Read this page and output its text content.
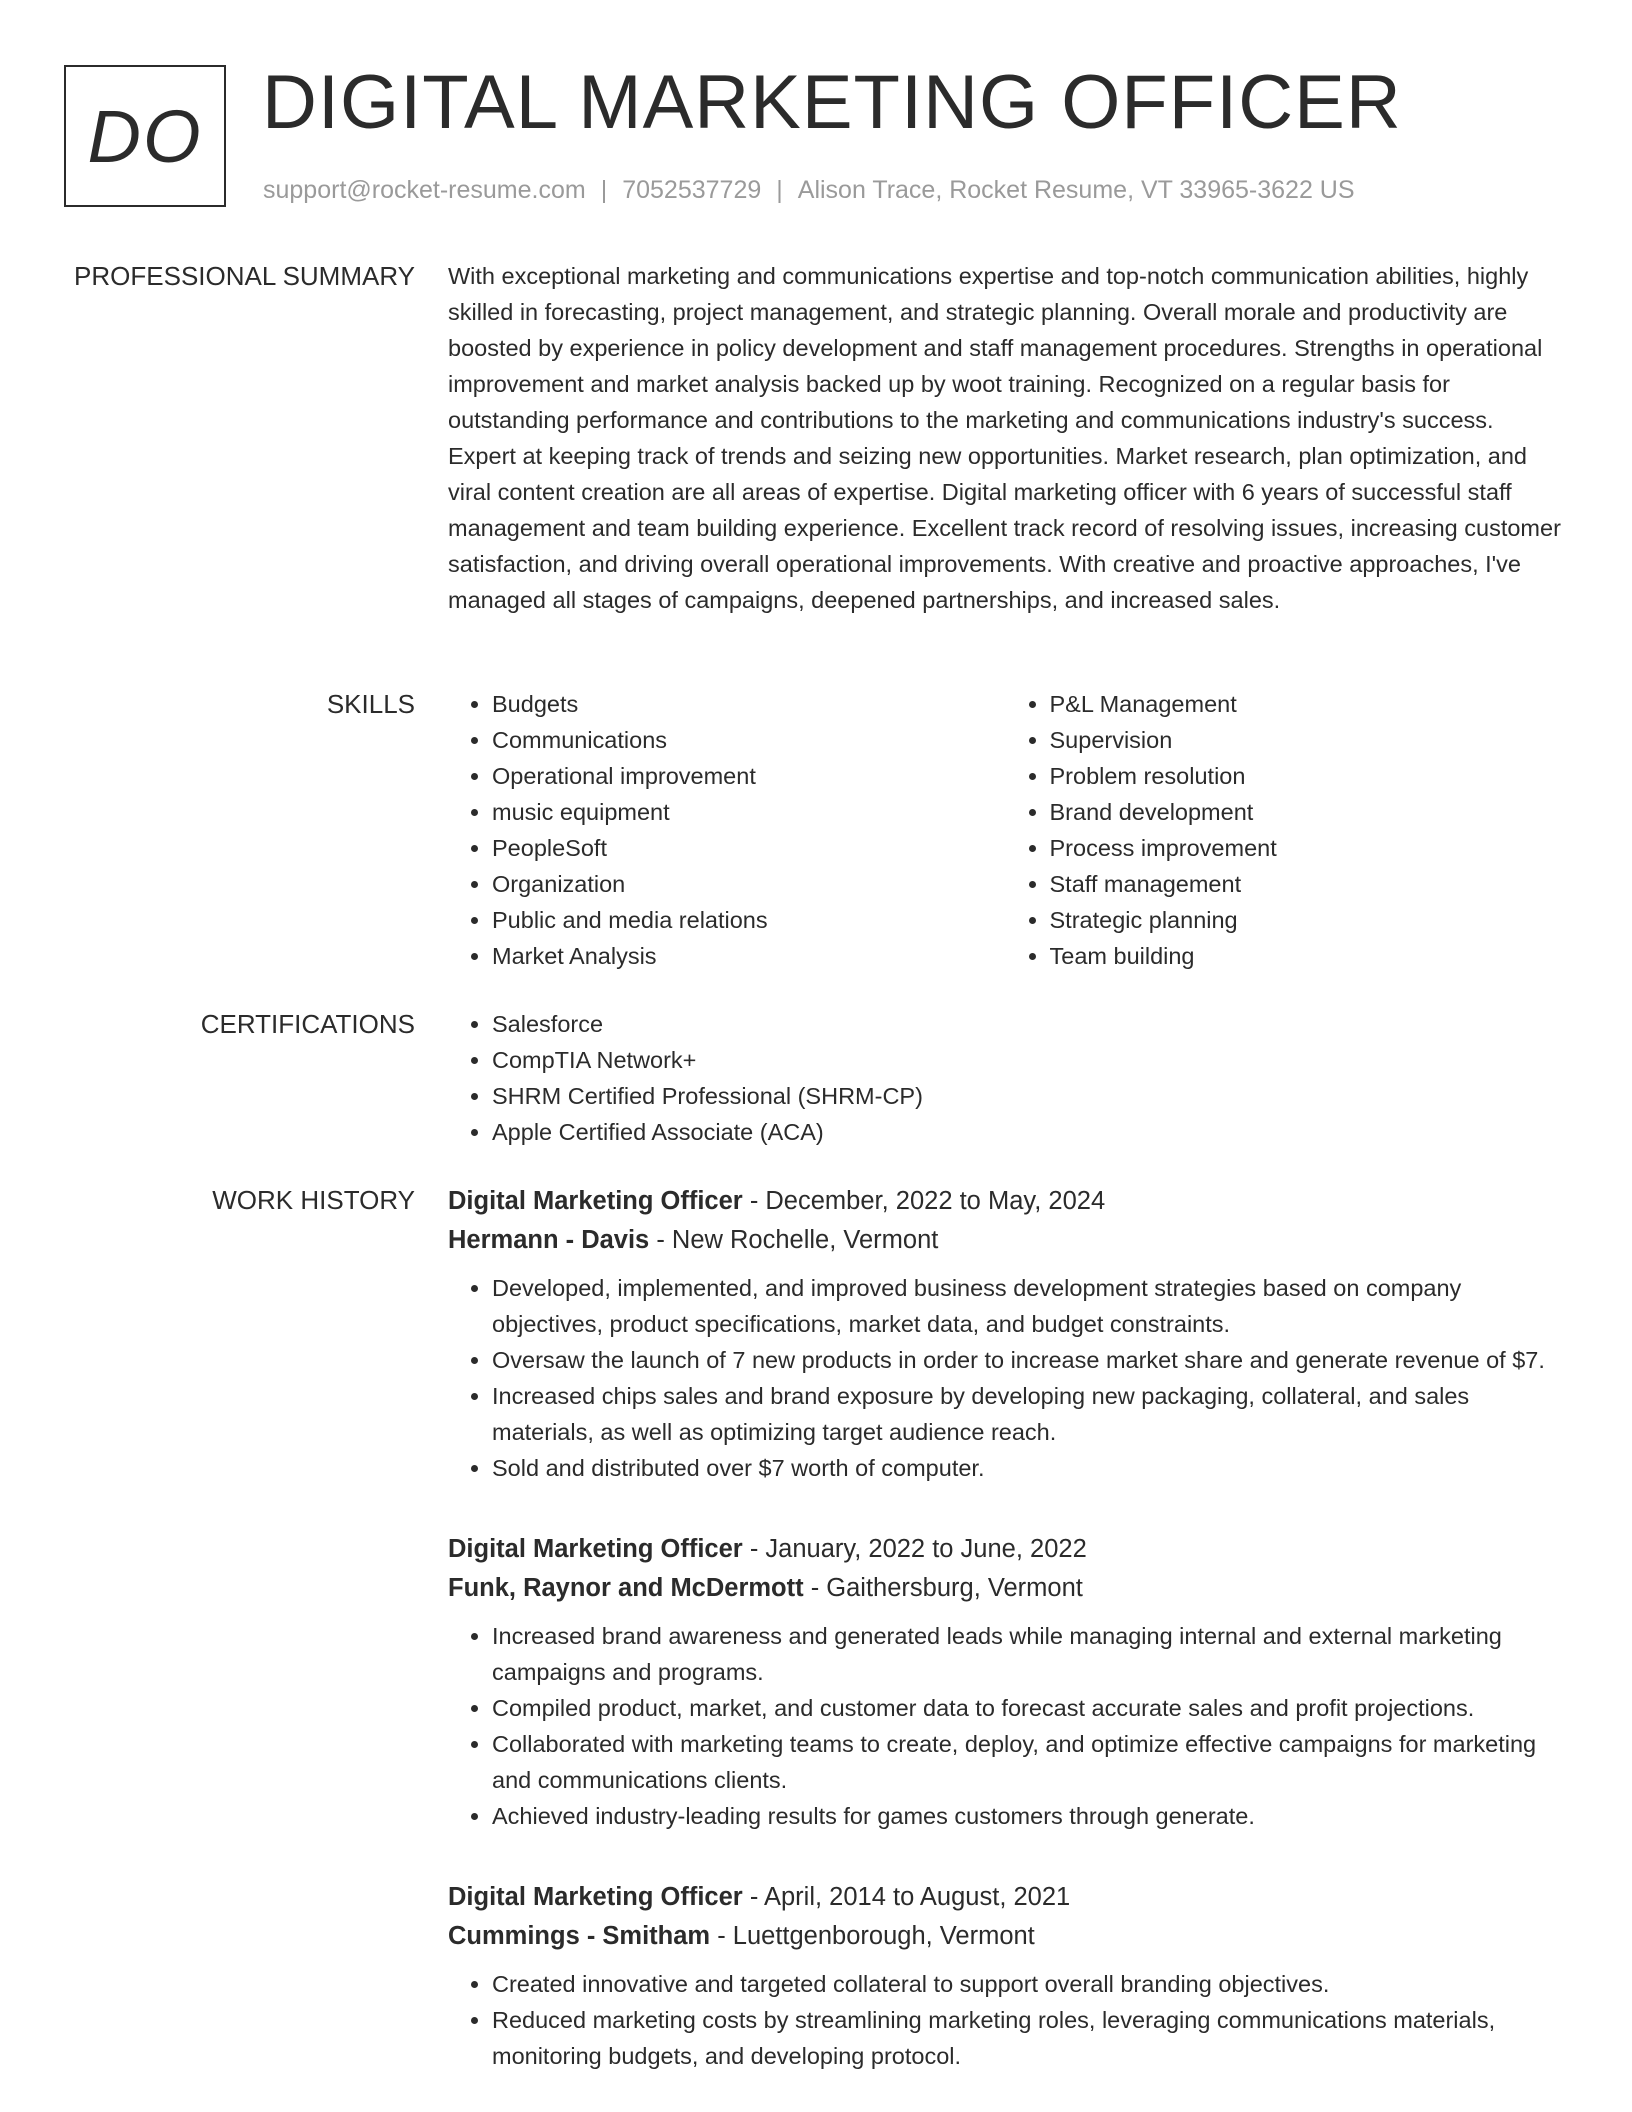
DO DIGITAL MARKETING OFFICER
support@rocket-resume.com | 7052537729 | Alison Trace, Rocket Resume, VT 33965-3622 US
PROFESSIONAL SUMMARY With exceptional marketing and communications expertise and top-notch communication abilities, highly skilled in forecasting, project management, and strategic planning. Overall morale and productivity are boosted by experience in policy development and staff management procedures. Strengths in operational improvement and market analysis backed up by woot training. Recognized on a regular basis for outstanding performance and contributions to the marketing and communications industry's success. Expert at keeping track of trends and seizing new opportunities. Market research, plan optimization, and viral content creation are all areas of expertise. Digital marketing officer with 6 years of successful staff management and team building experience. Excellent track record of resolving issues, increasing customer satisfaction, and driving overall operational improvements. With creative and proactive approaches, I've managed all stages of campaigns, deepened partnerships, and increased sales.

SKILLS	• Budgets
• Communications
• Operational improvement
• music equipment
• PeopleSoft
• Organization
• Public and media relations
• Market Analysis
• P&L Management
• Supervision
• Problem resolution
• Brand development
• Process improvement
• Staff management
• Strategic planning
• Team building
CERTIFICATIONS	• Salesforce
• CompTIA Network+
• SHRM Certified Professional (SHRM-CP)
• Apple Certified Associate (ACA)
WORK HISTORY Digital Marketing Officer - December, 2022 to May, 2024
Hermann - Davis - New Rochelle, Vermont
• Developed, implemented, and improved business development strategies based on company objectives, product specifications, market data, and budget constraints.
• Oversaw the launch of 7 new products in order to increase market share and generate revenue of $7.
• Increased chips sales and brand exposure by developing new packaging, collateral, and sales materials, as well as optimizing target audience reach.
• Sold and distributed over $7 worth of computer.
Digital Marketing Officer - January, 2022 to June, 2022
Funk, Raynor and McDermott - Gaithersburg, Vermont
• Increased brand awareness and generated leads while managing internal and external marketing campaigns and programs.
• Compiled product, market, and customer data to forecast accurate sales and profit projections.
• Collaborated with marketing teams to create, deploy, and optimize effective campaigns for marketing and communications clients.
• Achieved industry-leading results for games customers through generate.
Digital Marketing Officer - April, 2014 to August, 2021
Cummings - Smitham - Luettgenborough, Vermont
• Created innovative and targeted collateral to support overall branding objectives.
• Reduced marketing costs by streamlining marketing roles, leveraging communications materials, monitoring budgets, and developing protocol.
